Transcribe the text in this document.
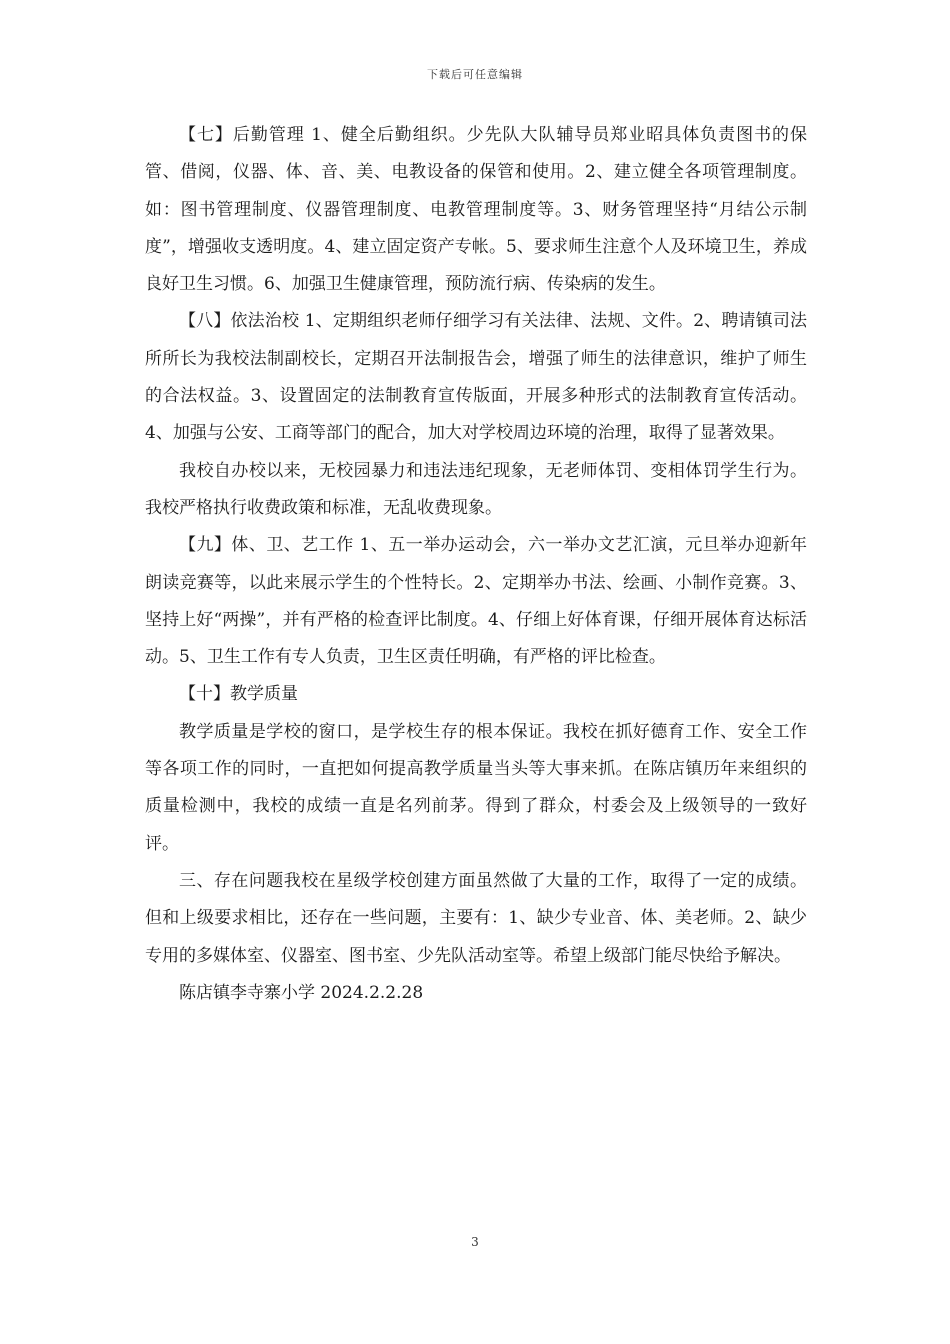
下载后可任意编辑

【七】后勤管理 1、健全后勤组织。少先队大队辅导员郑业昭具体负责图书的保管、借阅，仪器、体、音、美、电教设备的保管和使用。2、建立健全各项管理制度。如：图书管理制度、仪器管理制度、电教管理制度等。3、财务管理坚持“月结公示制度”，增强收支透明度。4、建立固定资产专帐。5、要求师生注意个人及环境卫生，养成良好卫生习惯。6、加强卫生健康管理，预防流行病、传染病的发生。

【八】依法治校 1、定期组织老师仔细学习有关法律、法规、文件。2、聘请镇司法所所长为我校法制副校长，定期召开法制报告会，增强了师生的法律意识，维护了师生的合法权益。3、设置固定的法制教育宣传版面，开展多种形式的法制教育宣传活动。4、加强与公安、工商等部门的配合，加大对学校周边环境的治理，取得了显著效果。

我校自办校以来，无校园暴力和违法违纪现象，无老师体罚、变相体罚学生行为。我校严格执行收费政策和标准，无乱收费现象。

【九】体、卫、艺工作 1、五一举办运动会，六一举办文艺汇演，元旦举办迎新年朗读竞赛等，以此来展示学生的个性特长。2、定期举办书法、绘画、小制作竞赛。3、坚持上好“两操”，并有严格的检查评比制度。4、仔细上好体育课，仔细开展体育达标活动。5、卫生工作有专人负责，卫生区责任明确，有严格的评比检查。

【十】教学质量

教学质量是学校的窗口，是学校生存的根本保证。我校在抓好德育工作、安全工作等各项工作的同时，一直把如何提高教学质量当头等大事来抓。在陈店镇历年来组织的质量检测中，我校的成绩一直是名列前茅。得到了群众，村委会及上级领导的一致好评。

三、存在问题我校在星级学校创建方面虽然做了大量的工作，取得了一定的成绩。但和上级要求相比，还存在一些问题，主要有：1、缺少专业音、体、美老师。2、缺少专用的多媒体室、仪器室、图书室、少先队活动室等。希望上级部门能尽快给予解决。

陈店镇李寺寨小学 2024.2.2.28

3
